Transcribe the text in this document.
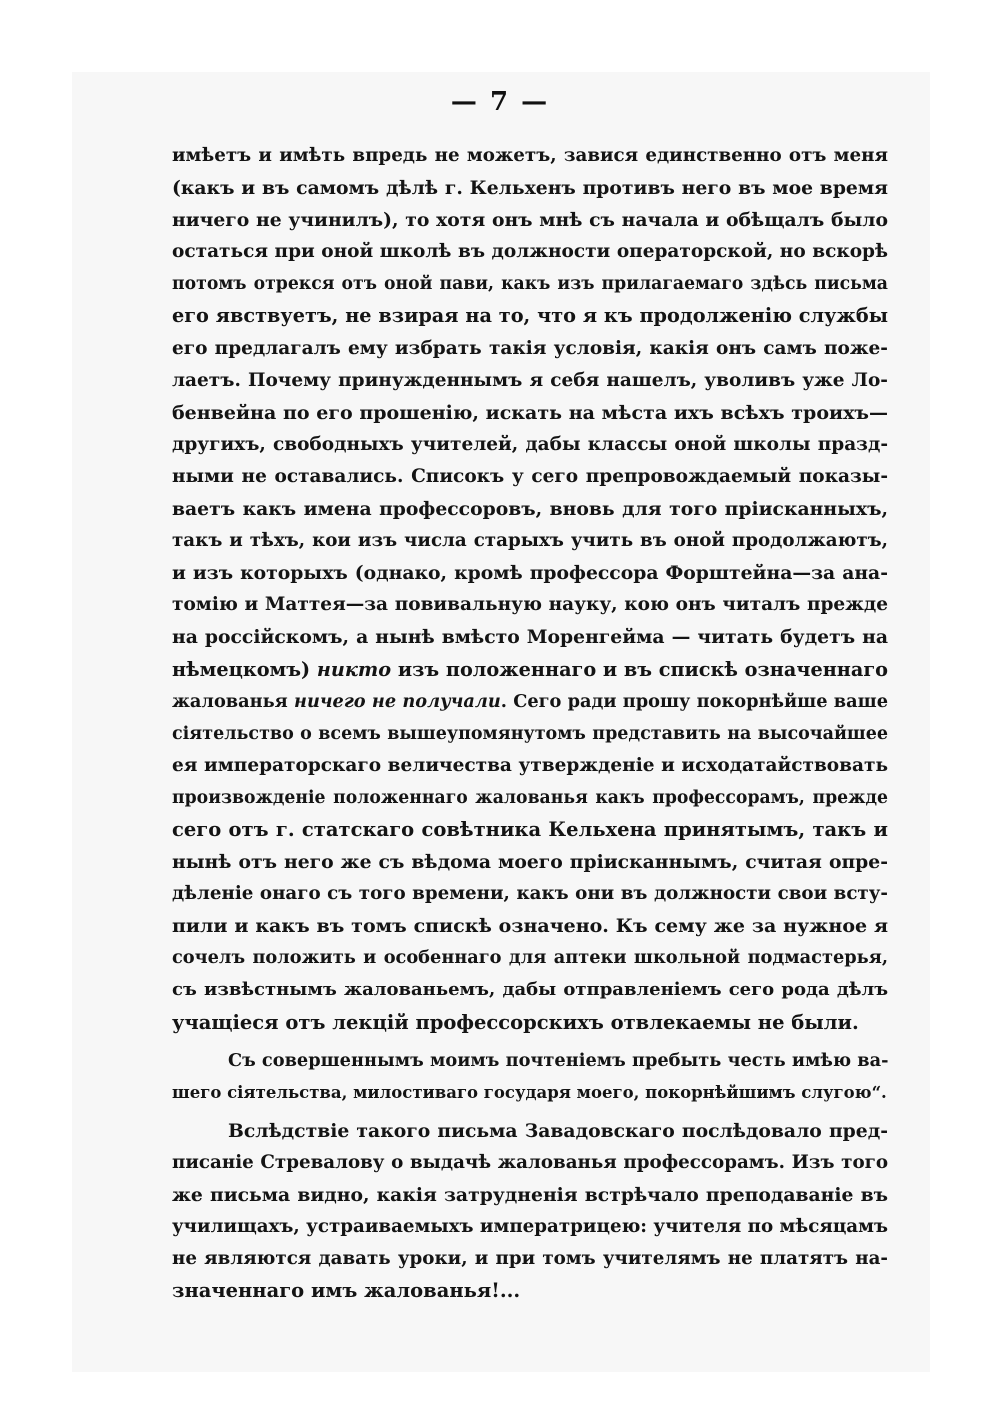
— 7 —
имѣетъ и имѣть впредь не можетъ, завися единственно отъ меня
(какъ и въ самомъ дѣлѣ г. Кельхенъ противъ него въ мое время
ничего не учинилъ), то хотя онъ мнѣ съ начала и обѣщалъ было
остаться при оной школѣ въ должности операторской, но вскорѣ
потомъ отрекся отъ оной пави, какъ изъ прилагаемаго здѣсь письма
его явствуетъ, не взирая на то, что я къ продолженію службы
его предлагалъ ему избрать такія условія, какія онъ самъ поже-
лаетъ. Почему принужденнымъ я себя нашелъ, уволивъ уже Ло-
бенвейна по его прошенію, искать на мѣста ихъ всѣхъ троихъ—
другихъ, свободныхъ учителей, дабы классы оной школы празд-
ными не оставались. Списокъ у сего препровождаемый показы-
ваетъ какъ имена профессоровъ, вновь для того пріисканныхъ,
такъ и тѣхъ, кои изъ числа старыхъ учить въ оной продолжаютъ,
и изъ которыхъ (однако, кромѣ профессора Форштейна—за ана-
томію и Маттея—за повивальную науку, кою онъ читалъ прежде
на россійскомъ, а нынѣ вмѣсто Моренгейма — читать будетъ на
нѣмецкомъ) никто изъ положеннаго и въ спискѣ означеннаго
жалованья ничего не получали. Сего ради прошу покорнѣйше ваше
сіятельство о всемъ вышеупомянутомъ представить на высочайшее
ея императорскаго величества утвержденіе и исходатайствовать
произвожденіе положеннаго жалованья какъ профессорамъ, прежде
сего отъ г. статскаго совѣтника Кельхена принятымъ, такъ и
нынѣ отъ него же съ вѣдома моего пріисканнымъ, считая опре-
дѣленіе онаго съ того времени, какъ они въ должности свои всту-
пили и какъ въ томъ спискѣ означено. Къ сему же за нужное я
сочелъ положить и особеннаго для аптеки школьной подмастерья,
съ извѣстнымъ жалованьемъ, дабы отправленіемъ сего рода дѣлъ
учащіеся отъ лекцій профессорскихъ отвлекаемы не были.
Съ совершеннымъ моимъ почтеніемъ пребыть честь имѣю ва-
шего сіятельства, милостиваго государя моего, покорнѣйшимъ слугою“.
Вслѣдствіе такого письма Завадовскаго послѣдовало пред-
писаніе Стревалову о выдачѣ жалованья профессорамъ. Изъ того
же письма видно, какія затрудненія встрѣчало преподаваніе въ
училищахъ, устраиваемыхъ императрицею: учителя по мѣсяцамъ
не являются давать уроки, и при томъ учителямъ не платятъ на-
значеннаго имъ жалованья!...
